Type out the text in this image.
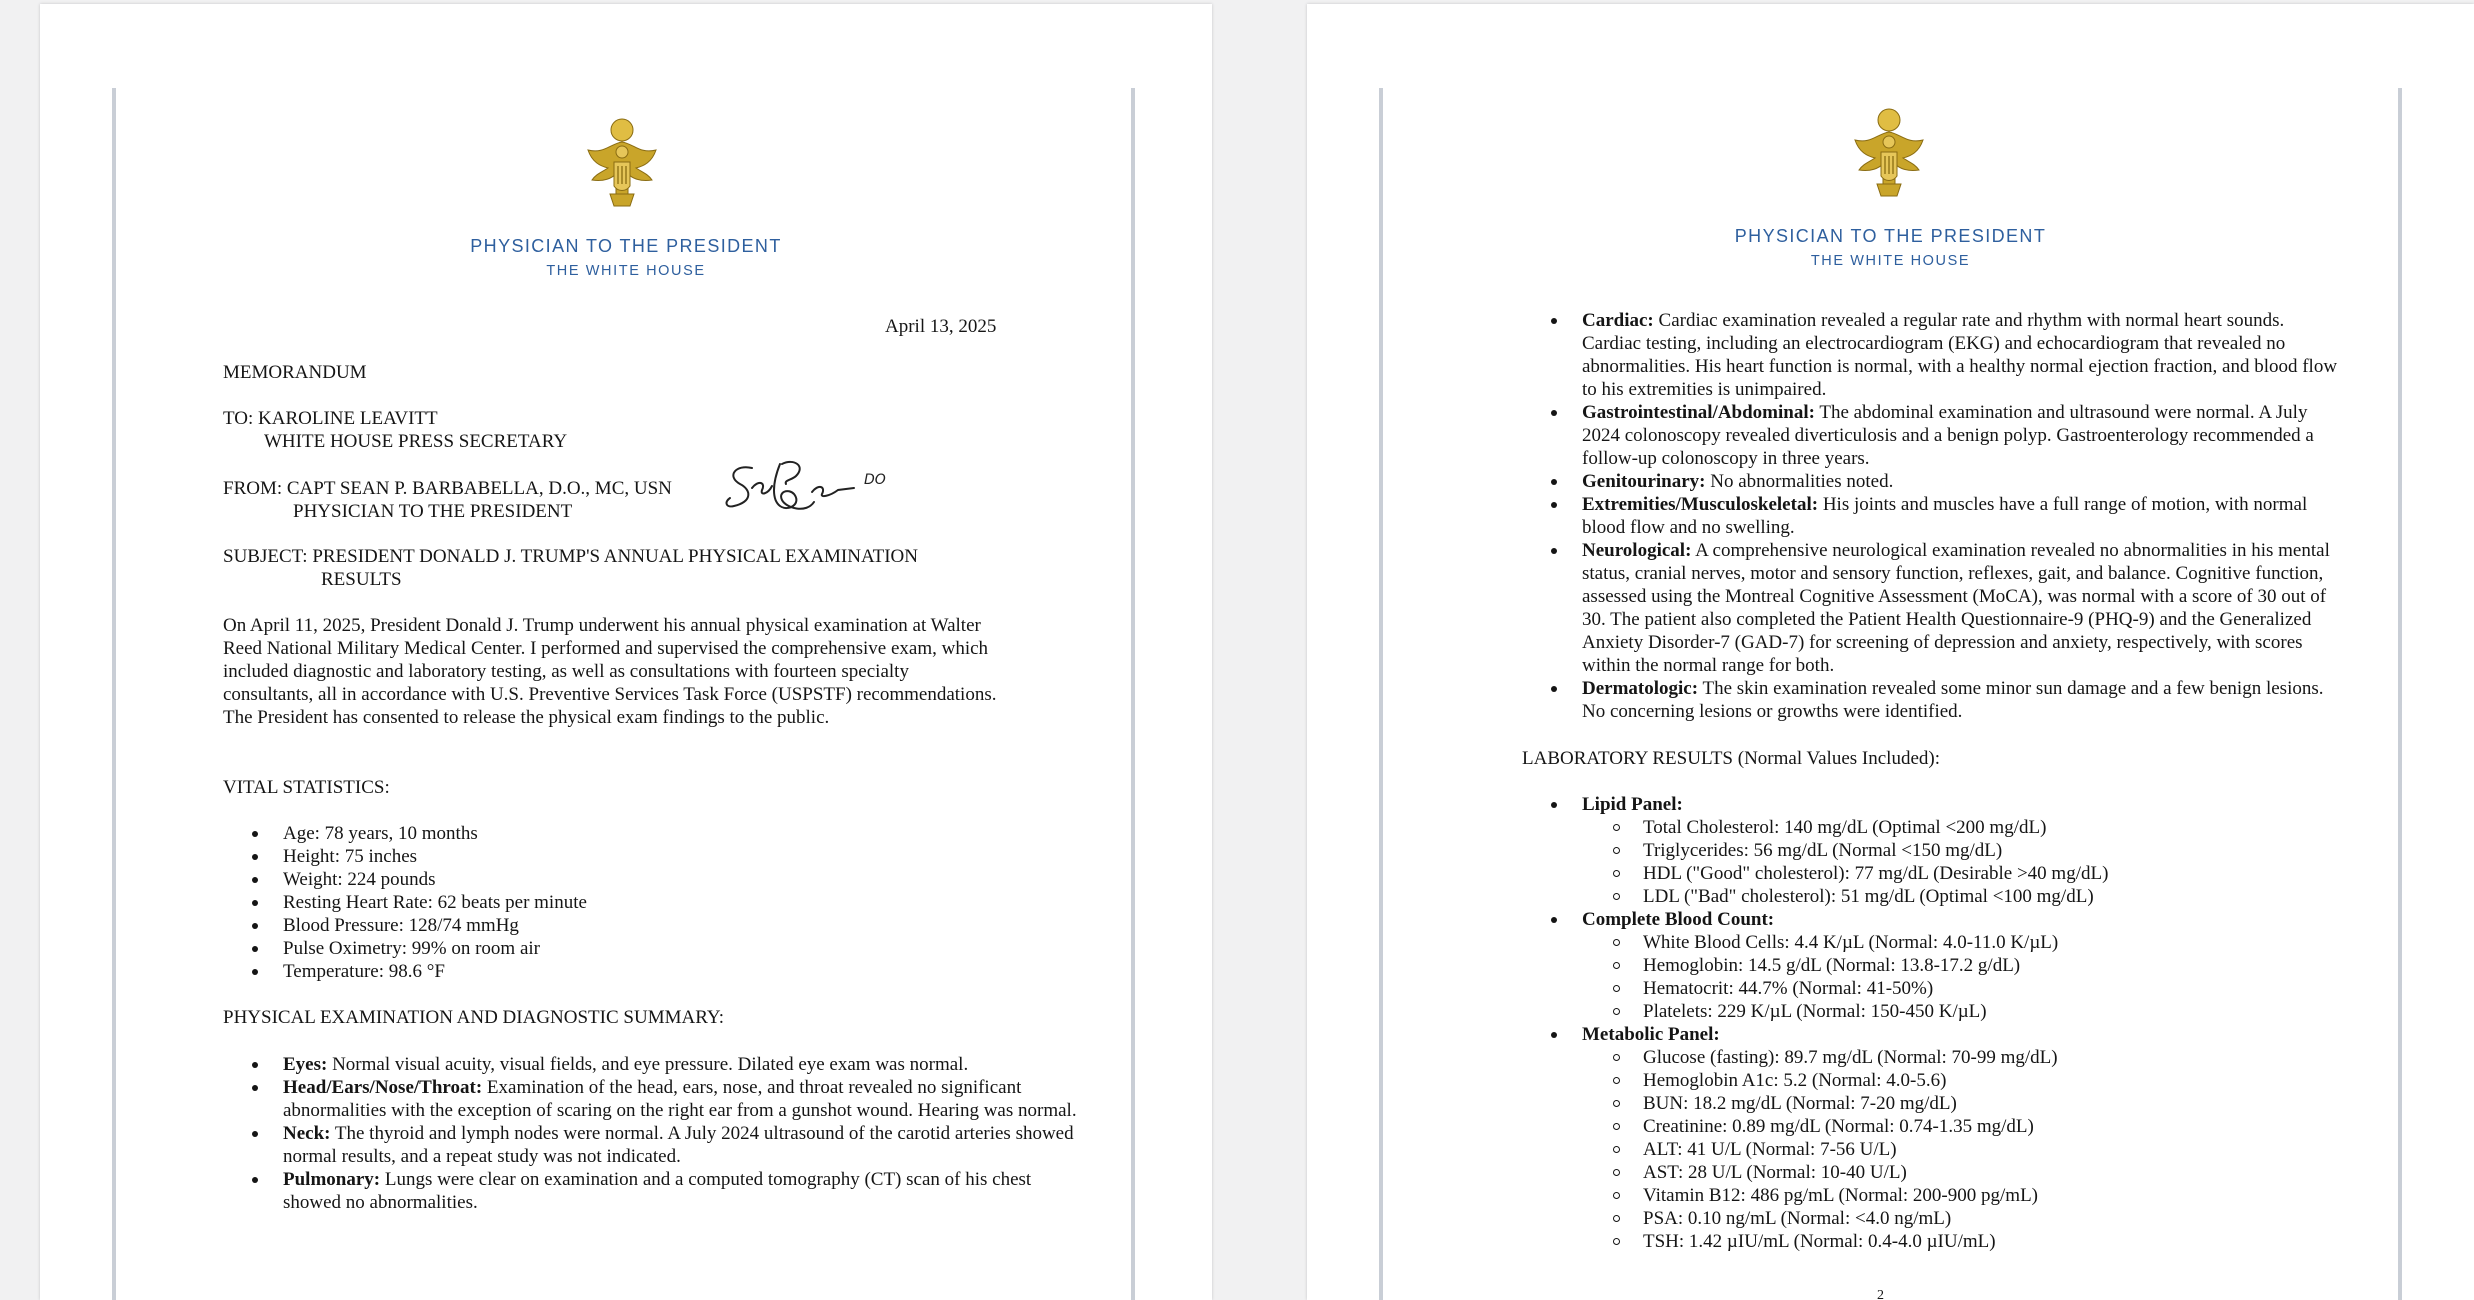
PHYSICIAN TO THE PRESIDENT
THE WHITE HOUSE
April 13, 2025
MEMORANDUM
TO: KAROLINE LEAVITT
WHITE HOUSE PRESS SECRETARY
FROM: CAPT SEAN P. BARBABELLA, D.O., MC, USN
PHYSICIAN TO THE PRESIDENT
DO
SUBJECT: PRESIDENT DONALD J. TRUMP'S ANNUAL PHYSICAL EXAMINATION
RESULTS
On April 11, 2025, President Donald J. Trump underwent his annual physical examination at Walter Reed National Military Medical Center. I performed and supervised the comprehensive exam, which included diagnostic and laboratory testing, as well as consultations with fourteen specialty consultants, all in accordance with U.S. Preventive Services Task Force (USPSTF) recommendations. The President has consented to release the physical exam findings to the public.
VITAL STATISTICS:
Age: 78 years, 10 months
Height: 75 inches
Weight: 224 pounds
Resting Heart Rate: 62 beats per minute
Blood Pressure: 128/74 mmHg
Pulse Oximetry: 99% on room air
Temperature: 98.6 °F
PHYSICAL EXAMINATION AND DIAGNOSTIC SUMMARY:
Eyes: Normal visual acuity, visual fields, and eye pressure. Dilated eye exam was normal.
Head/Ears/Nose/Throat: Examination of the head, ears, nose, and throat revealed no significant abnormalities with the exception of scaring on the right ear from a gunshot wound. Hearing was normal.
Neck: The thyroid and lymph nodes were normal. A July 2024 ultrasound of the carotid arteries showed normal results, and a repeat study was not indicated.
Pulmonary: Lungs were clear on examination and a computed tomography (CT) scan of his chest showed no abnormalities.
PHYSICIAN TO THE PRESIDENT
THE WHITE HOUSE
Cardiac: Cardiac examination revealed a regular rate and rhythm with normal heart sounds. Cardiac testing, including an electrocardiogram (EKG) and echocardiogram that revealed no abnormalities. His heart function is normal, with a healthy normal ejection fraction, and blood flow to his extremities is unimpaired.
Gastrointestinal/Abdominal: The abdominal examination and ultrasound were normal. A July 2024 colonoscopy revealed diverticulosis and a benign polyp. Gastroenterology recommended a follow-up colonoscopy in three years.
Genitourinary: No abnormalities noted.
Extremities/Musculoskeletal: His joints and muscles have a full range of motion, with normal blood flow and no swelling.
Neurological: A comprehensive neurological examination revealed no abnormalities in his mental status, cranial nerves, motor and sensory function, reflexes, gait, and balance. Cognitive function, assessed using the Montreal Cognitive Assessment (MoCA), was normal with a score of 30 out of 30. The patient also completed the Patient Health Questionnaire-9 (PHQ-9) and the Generalized Anxiety Disorder-7 (GAD-7) for screening of depression and anxiety, respectively, with scores within the normal range for both.
Dermatologic: The skin examination revealed some minor sun damage and a few benign lesions. No concerning lesions or growths were identified.
LABORATORY RESULTS (Normal Values Included):
Lipid Panel:
Total Cholesterol: 140 mg/dL (Optimal <200 mg/dL)
Triglycerides: 56 mg/dL (Normal <150 mg/dL)
HDL ("Good" cholesterol): 77 mg/dL (Desirable >40 mg/dL)
LDL ("Bad" cholesterol): 51 mg/dL (Optimal <100 mg/dL)
Complete Blood Count:
White Blood Cells: 4.4 K/µL (Normal: 4.0-11.0 K/µL)
Hemoglobin: 14.5 g/dL (Normal: 13.8-17.2 g/dL)
Hematocrit: 44.7% (Normal: 41-50%)
Platelets: 229 K/µL (Normal: 150-450 K/µL)
Metabolic Panel:
Glucose (fasting): 89.7 mg/dL (Normal: 70-99 mg/dL)
Hemoglobin A1c: 5.2 (Normal: 4.0-5.6)
BUN: 18.2 mg/dL (Normal: 7-20 mg/dL)
Creatinine: 0.89 mg/dL (Normal: 0.74-1.35 mg/dL)
ALT: 41 U/L (Normal: 7-56 U/L)
AST: 28 U/L (Normal: 10-40 U/L)
Vitamin B12: 486 pg/mL (Normal: 200-900 pg/mL)
PSA: 0.10 ng/mL (Normal: <4.0 ng/mL)
TSH: 1.42 µIU/mL (Normal: 0.4-4.0 µIU/mL)
2
